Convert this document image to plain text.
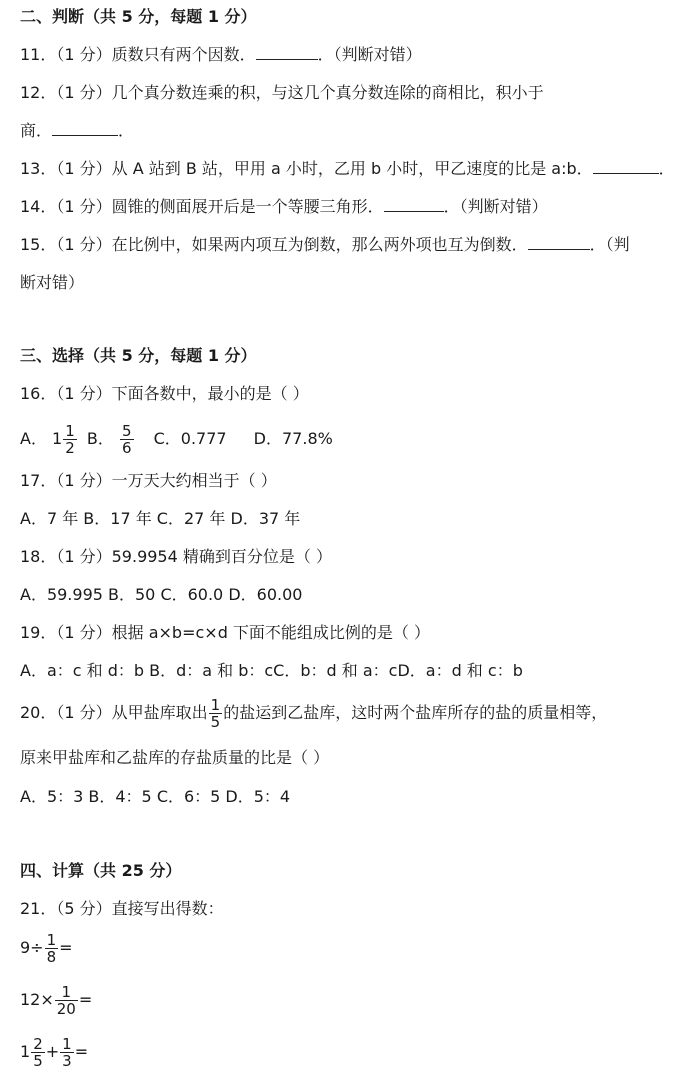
二、判断（共 5 分，每题 1 分）
11．（1 分）质数只有两个因数．	．（判断对错）
12．（1 分）几个真分数连乘的积，与这几个真分数连除的商相比，积小于
商．	．
13．（1 分）从 A 站到 B 站，甲用 a 小时，乙用 b 小时，甲乙速度的比是 a:b．	．
14．（1 分）圆锥的侧面展开后是一个等腰三角形．	．（判断对错）
15．（1 分）在比例中，如果两内项互为倒数，那么两外项也互为倒数．	．（判
断对错）
三、选择（共 5 分，每题 1 分）
16．（1 分）下面各数中，最小的是（ ）
A． $1 \frac{1}{2}$ B． $\frac{5}{6}$ C．0.777 D．77.8%
17．（1 分）一万天大约相当于（ ）
A．7 年 B．17 年 C．27 年 D．37 年
18．（1 分）59.9954 精确到百分位是（ ）
A．59.995 B．50 C．60.0 D．60.00
19．（1 分）根据 a×b=c×d 下面不能组成比例的是（ ）
A．a：c 和 d：b B．d：a 和 b：cC．b：d 和 a：cD．a：d 和 c：b
20．（1 分）从甲盐库取出 $\frac{1}{5}$ 的盐运到乙盐库，这时两个盐库所存的盐的质量相等，
原来甲盐库和乙盐库的存盐质量的比是（ ）
A．5：3 B．4：5 C．6：5 D．5：4
四、计算（共 25 分）
21．（5 分）直接写出得数：
$9\div \frac{1}{8}$ =
$12\times \frac{1}{20}$ =
$1 \frac{2}{5} + \frac{1}{3}$ =
